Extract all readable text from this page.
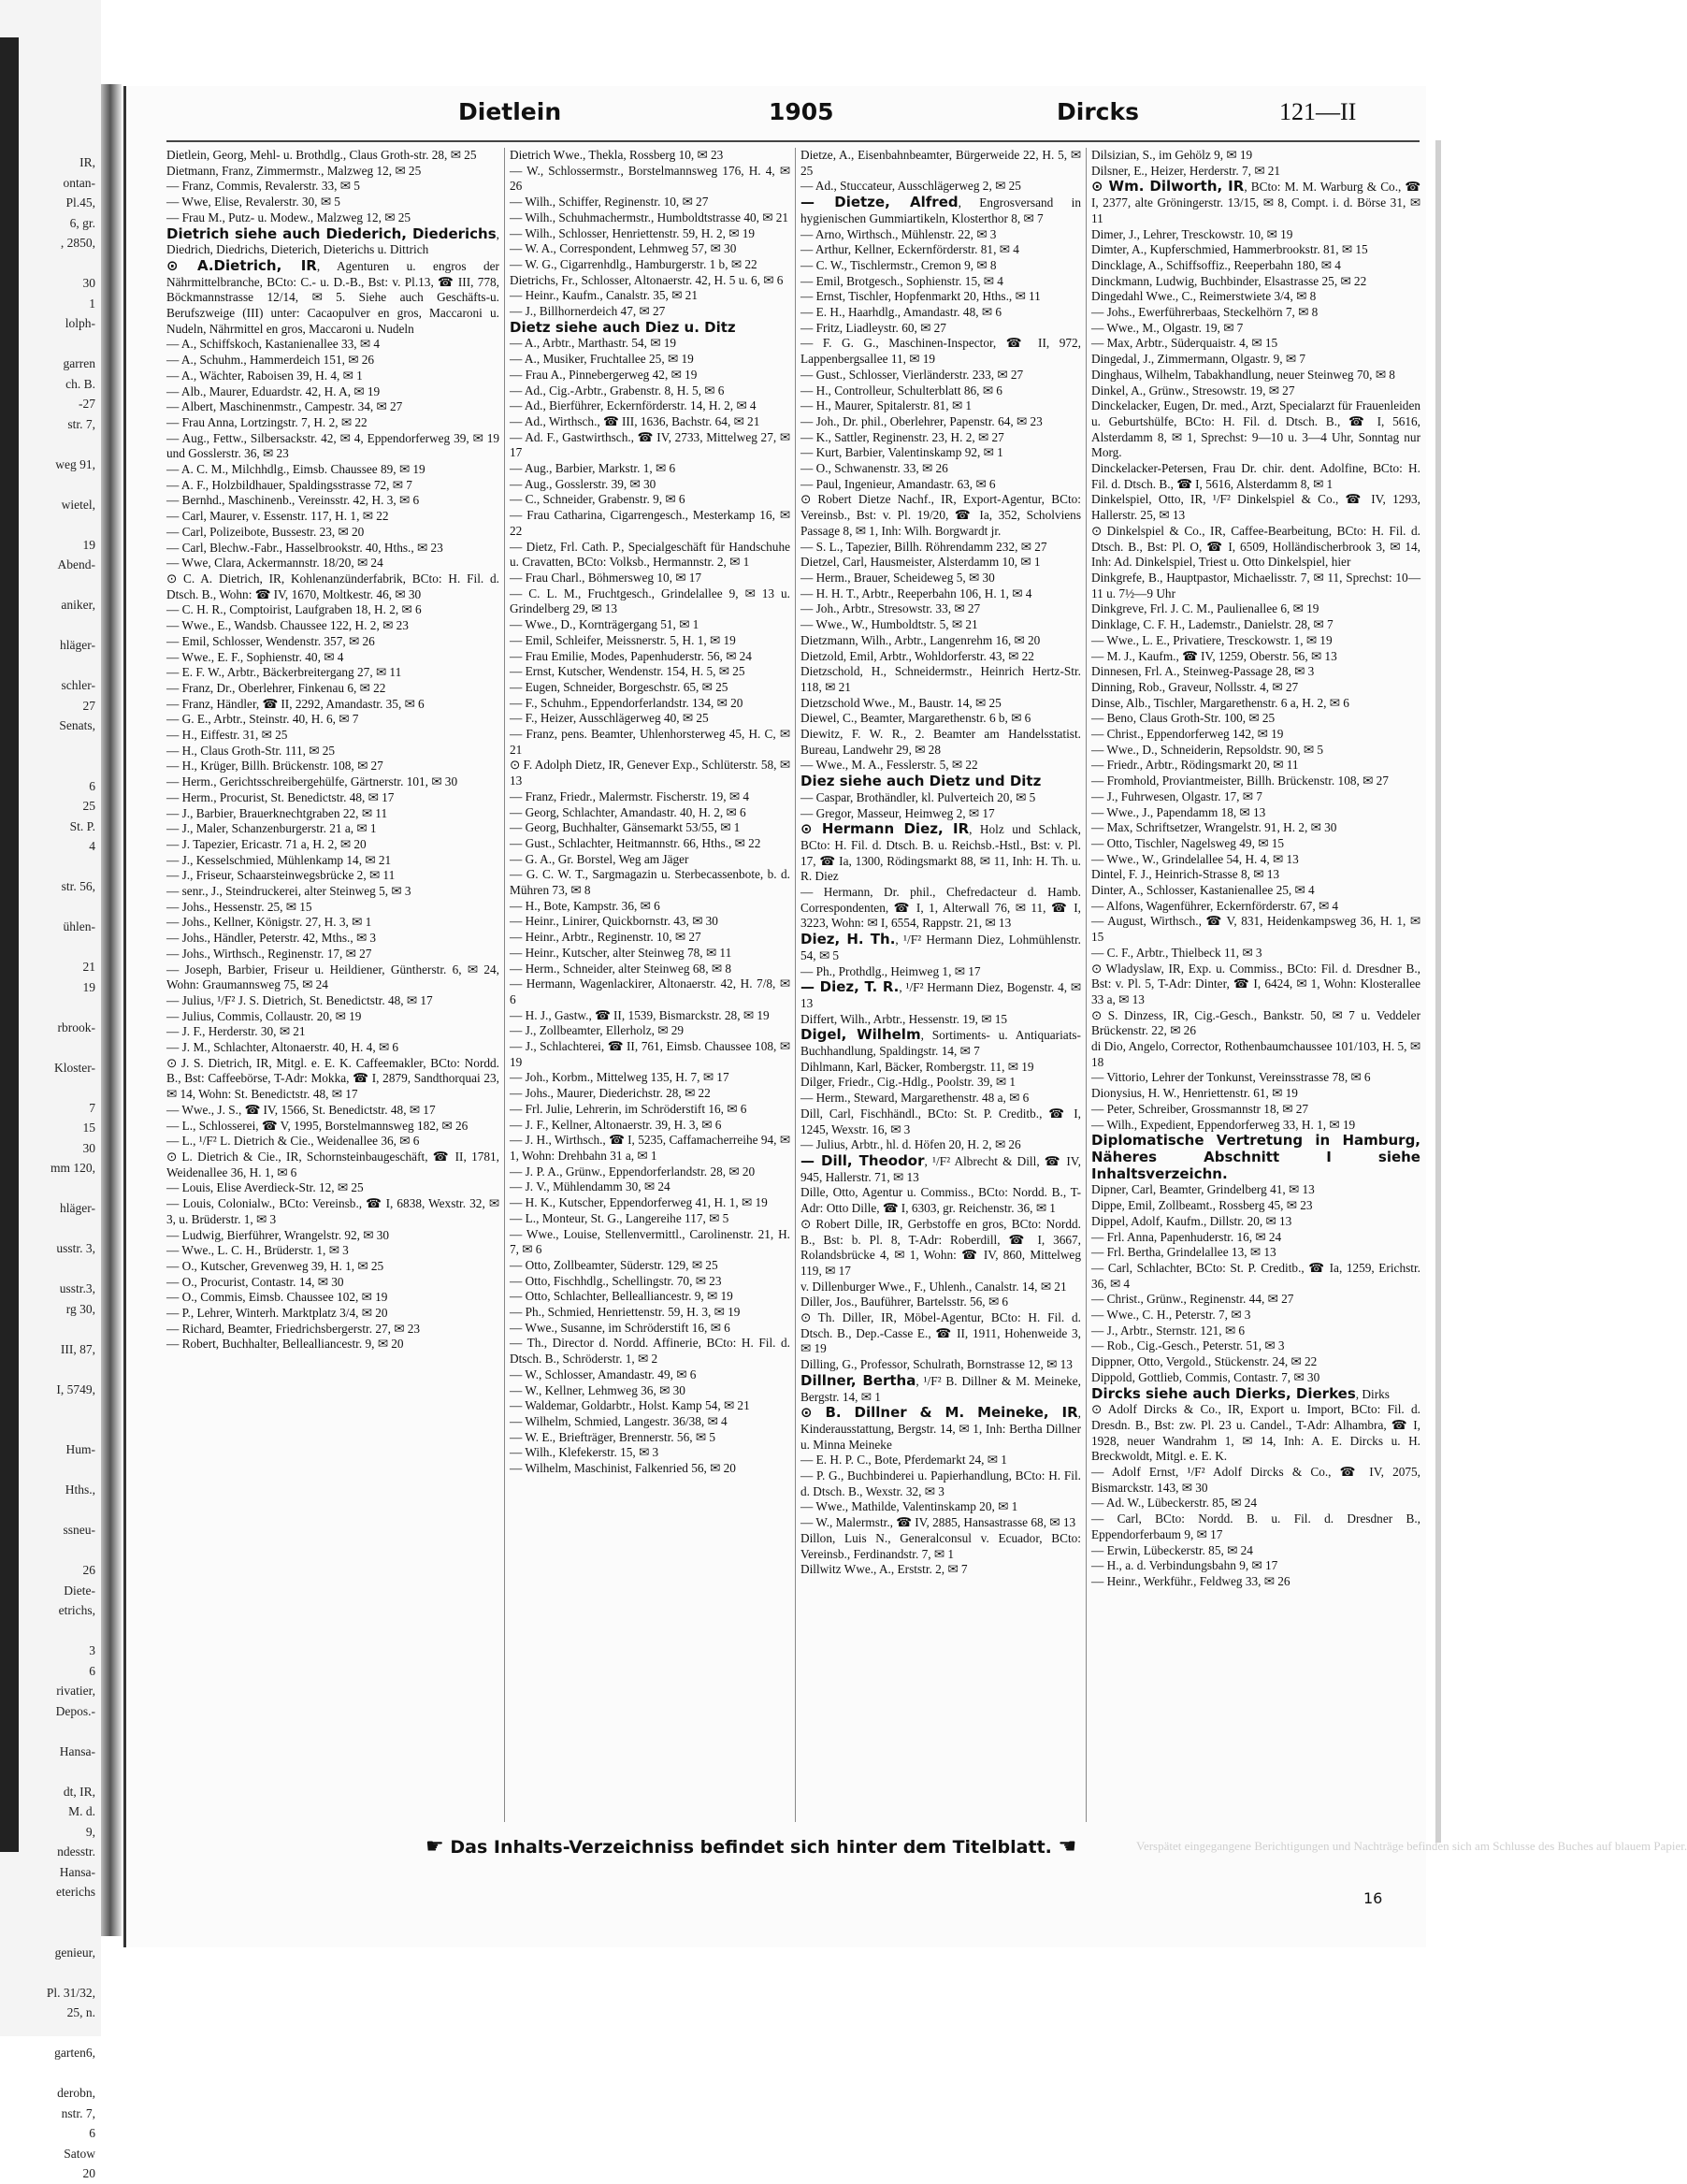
IR,
ontan-
Pl.45,
6, gr.
, 2850,

30
1
lolph-

garren
ch. B.
-27
str. 7,

weg 91,

wietel,

19
Abend-

aniker,

hläger-

schler-
27
Senats,

6
25
St. P.
4

str. 56,

ühlen-

21
19

rbrook-

Kloster-

7
15
30
mm 120,

hläger-

usstr. 3,

usstr.3,
rg 30,

III, 87,

I, 5749,

Hum-

Hths.,

ssneu-

26
Diete-
etrichs,

3
6
rivatier,
Depos.-

Hansa-

dt, IR,
M. d.
9,
ndesstr.
Hansa-
eterichs

genieur,

Pl. 31/32,
25, n.

garten6,

derobn,
nstr. 7,
6
Satow
20
Dietlein	1905	Dircks	121—II
Dietlein, Georg, Mehl- u. Brothdlg., Claus Groth-str. 28, ✉ 25
Dietmann, Franz, Zimmermstr., Malzweg 12, ✉ 25
— Franz, Commis, Revalerstr. 33, ✉ 5
— Wwe, Elise, Revalerstr. 30, ✉ 5
— Frau M., Putz- u. Modew., Malzweg 12, ✉ 25
Dietrich siehe auch Diederich, Diederichs, Diedrich, Diedrichs, Dieterich, Dieterichs u. Dittrich
⊙ A.Dietrich, IR, Agenturen u. engros der Nährmittelbranche, BCto: C.- u. D.-B., Bst: v. Pl.13, ☎ III, 778, Böckmannstrasse 12/14, ✉ 5. Siehe auch Geschäfts-u. Berufszweige (III) unter: Cacaopulver en gros, Maccaroni u. Nudeln, Nährmittel en gros, Maccaroni u. Nudeln
— A., Schiffskoch, Kastanienallee 33, ✉ 4
— A., Schuhm., Hammerdeich 151, ✉ 26
— A., Wächter, Raboisen 39, H. 4, ✉ 1
— Alb., Maurer, Eduardstr. 42, H. A, ✉ 19
— Albert, Maschinenmstr., Campestr. 34, ✉ 27
— Frau Anna, Lortzingstr. 7, H. 2, ✉ 22
— Aug., Fettw., Silbersackstr. 42, ✉ 4, Eppendorferweg 39, ✉ 19 und Gosslerstr. 36, ✉ 23
— A. C. M., Milchhdlg., Eimsb. Chaussee 89, ✉ 19
— A. F., Holzbildhauer, Spaldingsstrasse 72, ✉ 7
— Bernhd., Maschinenb., Vereinsstr. 42, H. 3, ✉ 6
— Carl, Maurer, v. Essenstr. 117, H. 1, ✉ 22
— Carl, Polizeibote, Bussestr. 23, ✉ 20
— Carl, Blechw.-Fabr., Hasselbrookstr. 40, Hths., ✉ 23
— Wwe, Clara, Ackermannstr. 18/20, ✉ 24
⊙ C. A. Dietrich, IR, Kohlenanzünderfabrik, BCto: H. Fil. d. Dtsch. B., Wohn: ☎ IV, 1670, Moltkestr. 46, ✉ 30
— C. H. R., Comptoirist, Laufgraben 18, H. 2, ✉ 6
— Wwe., E., Wandsb. Chaussee 122, H. 2, ✉ 23
— Emil, Schlosser, Wendenstr. 357, ✉ 26
— Wwe., E. F., Sophienstr. 40, ✉ 4
— E. F. W., Arbtr., Bäckerbreitergang 27, ✉ 11
— Franz, Dr., Oberlehrer, Finkenau 6, ✉ 22
— Franz, Händler, ☎ II, 2292, Amandastr. 35, ✉ 6
— G. E., Arbtr., Steinstr. 40, H. 6, ✉ 7
— H., Eiffestr. 31, ✉ 25
— H., Claus Groth-Str. 111, ✉ 25
— H., Krüger, Billh. Brückenstr. 108, ✉ 27
— Herm., Gerichtsschreibergehülfe, Gärtnerstr. 101, ✉ 30
— Herm., Procurist, St. Benedictstr. 48, ✉ 17
— J., Barbier, Brauerknechtgraben 22, ✉ 11
— J., Maler, Schanzenburgerstr. 21 a, ✉ 1
— J. Tapezier, Ericastr. 71 a, H. 2, ✉ 20
— J., Kesselschmied, Mühlenkamp 14, ✉ 21
— J., Friseur, Schaarsteinwegsbrücke 2, ✉ 11
— senr., J., Steindruckerei, alter Steinweg 5, ✉ 3
— Johs., Hessenstr. 25, ✉ 15
— Johs., Kellner, Königstr. 27, H. 3, ✉ 1
— Johs., Händler, Peterstr. 42, Mths., ✉ 3
— Johs., Wirthsch., Reginenstr. 17, ✉ 27
— Joseph, Barbier, Friseur u. Heildiener, Güntherstr. 6, ✉ 24, Wohn: Graumannsweg 75, ✉ 24
— Julius, ¹/F² J. S. Dietrich, St. Benedictstr. 48, ✉ 17
— Julius, Commis, Collaustr. 20, ✉ 19
— J. F., Herderstr. 30, ✉ 21
— J. M., Schlachter, Altonaerstr. 40, H. 4, ✉ 6
⊙ J. S. Dietrich, IR, Mitgl. e. E. K. Caffeemakler, BCto: Nordd. B., Bst: Caffeebörse, T-Adr: Mokka, ☎ I, 2879, Sandthorquai 23, ✉ 14, Wohn: St. Benedictstr. 48, ✉ 17
— Wwe., J. S., ☎ IV, 1566, St. Benedictstr. 48, ✉ 17
— L., Schlosserei, ☎ V, 1995, Borstelmannsweg 182, ✉ 26
— L., ¹/F² L. Dietrich & Cie., Weidenallee 36, ✉ 6
⊙ L. Dietrich & Cie., IR, Schornsteinbaugeschäft, ☎ II, 1781, Weidenallee 36, H. 1, ✉ 6
— Louis, Elise Averdieck-Str. 12, ✉ 25
— Louis, Colonialw., BCto: Vereinsb., ☎ I, 6838, Wexstr. 32, ✉ 3, u. Brüderstr. 1, ✉ 3
— Ludwig, Bierführer, Wrangelstr. 92, ✉ 30
— Wwe., L. C. H., Brüderstr. 1, ✉ 3
— O., Kutscher, Grevenweg 39, H. 1, ✉ 25
— O., Procurist, Contastr. 14, ✉ 30
— O., Commis, Eimsb. Chaussee 102, ✉ 19
— P., Lehrer, Winterh. Marktplatz 3/4, ✉ 20
— Richard, Beamter, Friedrichsbergerstr. 27, ✉ 23
— Robert, Buchhalter, Bellealliancestr. 9, ✉ 20
Dietrich Wwe., Thekla, Rossberg 10, ✉ 23
— W., Schlossermstr., Borstelmannsweg 176, H. 4, ✉ 26
— Wilh., Schiffer, Reginenstr. 10, ✉ 27
— Wilh., Schuhmachermstr., Humboldtstrasse 40, ✉ 21
— Wilh., Schlosser, Henriettenstr. 59, H. 2, ✉ 19
— W. A., Correspondent, Lehmweg 57, ✉ 30
— W. G., Cigarrenhdlg., Hamburgerstr. 1 b, ✉ 22
Dietrichs, Fr., Schlosser, Altonaerstr. 42, H. 5 u. 6, ✉ 6
— Heinr., Kaufm., Canalstr. 35, ✉ 21
— J., Billhornerdeich 47, ✉ 27
Dietz siehe auch Diez u. Ditz
— A., Arbtr., Marthastr. 54, ✉ 19
— A., Musiker, Fruchtallee 25, ✉ 19
— Frau A., Pinnebergerweg 42, ✉ 19
— Ad., Cig.-Arbtr., Grabenstr. 8, H. 5, ✉ 6
— Ad., Bierführer, Eckernförderstr. 14, H. 2, ✉ 4
— Ad., Wirthsch., ☎ III, 1636, Bachstr. 64, ✉ 21
— Ad. F., Gastwirthsch., ☎ IV, 2733, Mittelweg 27, ✉ 17
— Aug., Barbier, Markstr. 1, ✉ 6
— Aug., Gosslerstr. 39, ✉ 30
— C., Schneider, Grabenstr. 9, ✉ 6
— Frau Catharina, Cigarrengesch., Mesterkamp 16, ✉ 22
— Dietz, Frl. Cath. P., Specialgeschäft für Handschuhe u. Cravatten, BCto: Volksb., Hermannstr. 2, ✉ 1
— Frau Charl., Böhmersweg 10, ✉ 17
— C. L. M., Fruchtgesch., Grindelallee 9, ✉ 13 u. Grindelberg 29, ✉ 13
— Wwe., D., Kornträgergang 51, ✉ 1
— Emil, Schleifer, Meissnerstr. 5, H. 1, ✉ 19
— Frau Emilie, Modes, Papenhuderstr. 56, ✉ 24
— Ernst, Kutscher, Wendenstr. 154, H. 5, ✉ 25
— Eugen, Schneider, Borgeschstr. 65, ✉ 25
— F., Schuhm., Eppendorferlandstr. 134, ✉ 20
— F., Heizer, Ausschlägerweg 40, ✉ 25
— Franz, pens. Beamter, Uhlenhorsterweg 45, H. C, ✉ 21
⊙ F. Adolph Dietz, IR, Genever Exp., Schlüterstr. 58, ✉ 13
— Franz, Friedr., Malermstr. Fischerstr. 19, ✉ 4
— Georg, Schlachter, Amandastr. 40, H. 2, ✉ 6
— Georg, Buchhalter, Gänsemarkt 53/55, ✉ 1
— Gust., Schlachter, Heitmannstr. 66, Hths., ✉ 22
— G. A., Gr. Borstel, Weg am Jäger
— G. C. W. T., Sargmagazin u. Sterbecassenbote, b. d. Mühren 73, ✉ 8
— H., Bote, Kampstr. 36, ✉ 6
— Heinr., Linirer, Quickbornstr. 43, ✉ 30
— Heinr., Arbtr., Reginenstr. 10, ✉ 27
— Heinr., Kutscher, alter Steinweg 78, ✉ 11
— Herm., Schneider, alter Steinweg 68, ✉ 8
— Hermann, Wagenlackirer, Altonaerstr. 42, H. 7/8, ✉ 6
— H. J., Gastw., ☎ II, 1539, Bismarckstr. 28, ✉ 19
— J., Zollbeamter, Ellerholz, ✉ 29
— J., Schlachterei, ☎ II, 761, Eimsb. Chaussee 108, ✉ 19
— Joh., Korbm., Mittelweg 135, H. 7, ✉ 17
— Johs., Maurer, Diederichstr. 28, ✉ 22
— Frl. Julie, Lehrerin, im Schröderstift 16, ✉ 6
— J. F., Kellner, Altonaerstr. 39, H. 3, ✉ 6
— J. H., Wirthsch., ☎ I, 5235, Caffamacherreihe 94, ✉ 1, Wohn: Drehbahn 31 a, ✉ 1
— J. P. A., Grünw., Eppendorferlandstr. 28, ✉ 20
— J. V., Mühlendamm 30, ✉ 24
— H. K., Kutscher, Eppendorferweg 41, H. 1, ✉ 19
— L., Monteur, St. G., Langereihe 117, ✉ 5
— Wwe., Louise, Stellenvermittl., Carolinenstr. 21, H. 7, ✉ 6
— Otto, Zollbeamter, Süderstr. 129, ✉ 25
— Otto, Fischhdlg., Schellingstr. 70, ✉ 23
— Otto, Schlachter, Bellealliancestr. 9, ✉ 19
— Ph., Schmied, Henriettenstr. 59, H. 3, ✉ 19
— Wwe., Susanne, im Schröderstift 16, ✉ 6
— Th., Director d. Nordd. Affinerie, BCto: H. Fil. d. Dtsch. B., Schröderstr. 1, ✉ 2
— W., Schlosser, Amandastr. 49, ✉ 6
— W., Kellner, Lehmweg 36, ✉ 30
— Waldemar, Goldarbtr., Holst. Kamp 54, ✉ 21
— Wilhelm, Schmied, Langestr. 36/38, ✉ 4
— W. E., Briefträger, Brennerstr. 56, ✉ 5
— Wilh., Klefekerstr. 15, ✉ 3
— Wilhelm, Maschinist, Falkenried 56, ✉ 20
Dietze, A., Eisenbahnbeamter, Bürgerweide 22, H. 5, ✉ 25
— Ad., Stuccateur, Ausschlägerweg 2, ✉ 25
— Dietze, Alfred, Engrosversand in hygienischen Gummiartikeln, Klosterthor 8, ✉ 7
— Arno, Wirthsch., Mühlenstr. 22, ✉ 3
— Arthur, Kellner, Eckernförderstr. 81, ✉ 4
— C. W., Tischlermstr., Cremon 9, ✉ 8
— Emil, Brotgesch., Sophienstr. 15, ✉ 4
— Ernst, Tischler, Hopfenmarkt 20, Hths., ✉ 11
— E. H., Haarhdlg., Amandastr. 48, ✉ 6
— Fritz, Liadleystr. 60, ✉ 27
— F. G. G., Maschinen-Inspector, ☎ II, 972, Lappenbergsallee 11, ✉ 19
— Gust., Schlosser, Vierländerstr. 233, ✉ 27
— H., Controlleur, Schulterblatt 86, ✉ 6
— H., Maurer, Spitalerstr. 81, ✉ 1
— Joh., Dr. phil., Oberlehrer, Papenstr. 64, ✉ 23
— K., Sattler, Reginenstr. 23, H. 2, ✉ 27
— Kurt, Barbier, Valentinskamp 92, ✉ 1
— O., Schwanenstr. 33, ✉ 26
— Paul, Ingenieur, Amandastr. 63, ✉ 6
⊙ Robert Dietze Nachf., IR, Export-Agentur, BCto: Vereinsb., Bst: v. Pl. 19/20, ☎ Ia, 352, Scholviens Passage 8, ✉ 1, Inh: Wilh. Borgwardt jr.
— S. L., Tapezier, Billh. Röhrendamm 232, ✉ 27
Dietzel, Carl, Hausmeister, Alsterdamm 10, ✉ 1
— Herm., Brauer, Scheideweg 5, ✉ 30
— H. H. T., Arbtr., Reeperbahn 106, H. 1, ✉ 4
— Joh., Arbtr., Stresowstr. 33, ✉ 27
— Wwe., W., Humboldtstr. 5, ✉ 21
Dietzmann, Wilh., Arbtr., Langenrehm 16, ✉ 20
Dietzold, Emil, Arbtr., Wohldorferstr. 43, ✉ 22
Dietzschold, H., Schneidermstr., Heinrich Hertz-Str. 118, ✉ 21
Dietzschold Wwe., M., Baustr. 14, ✉ 25
Diewel, C., Beamter, Margarethenstr. 6 b, ✉ 6
Diewitz, F. W. R., 2. Beamter am Handelsstatist. Bureau, Landwehr 29, ✉ 28
— Wwe., M. A., Fesslerstr. 5, ✉ 22
Diez siehe auch Dietz und Ditz
— Caspar, Brothändler, kl. Pulverteich 20, ✉ 5
— Gregor, Masseur, Heimweg 2, ✉ 17
⊙ Hermann Diez, IR, Holz und Schlack, BCto: H. Fil. d. Dtsch. B. u. Reichsb.-Hstl., Bst: v. Pl. 17, ☎ Ia, 1300, Rödingsmarkt 88, ✉ 11, Inh: H. Th. u. R. Diez
— Hermann, Dr. phil., Chefredacteur d. Hamb. Correspondenten, ☎ I, 1, Alterwall 76, ✉ 11, ☎ I, 3223, Wohn: ✉ I, 6554, Rappstr. 21, ✉ 13
Diez, H. Th., ¹/F² Hermann Diez, Lohmühlenstr. 54, ✉ 5
— Ph., Prothdlg., Heimweg 1, ✉ 17
— Diez, T. R., ¹/F² Hermann Diez, Bogenstr. 4, ✉ 13
Differt, Wilh., Arbtr., Hessenstr. 19, ✉ 15
Digel, Wilhelm, Sortiments- u. Antiquariats-Buchhandlung, Spaldingstr. 14, ✉ 7
Dihlmann, Karl, Bäcker, Rombergstr. 11, ✉ 19
Dilger, Friedr., Cig.-Hdlg., Poolstr. 39, ✉ 1
— Herm., Steward, Margarethenstr. 48 a, ✉ 6
Dill, Carl, Fischhändl., BCto: St. P. Creditb., ☎ I, 1245, Wexstr. 16, ✉ 3
— Julius, Arbtr., hl. d. Höfen 20, H. 2, ✉ 26
— Dill, Theodor, ¹/F² Albrecht & Dill, ☎ IV, 945, Hallerstr. 71, ✉ 13
Dille, Otto, Agentur u. Commiss., BCto: Nordd. B., T-Adr: Otto Dille, ☎ I, 6303, gr. Reichenstr. 36, ✉ 1
⊙ Robert Dille, IR, Gerbstoffe en gros, BCto: Nordd. B., Bst: b. Pl. 8, T-Adr: Roberdill, ☎ I, 3667, Rolandsbrücke 4, ✉ 1, Wohn: ☎ IV, 860, Mittelweg 119, ✉ 17
v. Dillenburger Wwe., F., Uhlenh., Canalstr. 14, ✉ 21
Diller, Jos., Bauführer, Bartelsstr. 56, ✉ 6
⊙ Th. Diller, IR, Möbel-Agentur, BCto: H. Fil. d. Dtsch. B., Dep.-Casse E., ☎ II, 1911, Hohenweide 3, ✉ 19
Dilling, G., Professor, Schulrath, Bornstrasse 12, ✉ 13
Dillner, Bertha, ¹/F² B. Dillner & M. Meineke, Bergstr. 14, ✉ 1
⊙ B. Dillner & M. Meineke, IR, Kinderausstattung, Bergstr. 14, ✉ 1, Inh: Bertha Dillner u. Minna Meineke
— E. H. P. C., Bote, Pferdemarkt 24, ✉ 1
— P. G., Buchbinderei u. Papierhandlung, BCto: H. Fil. d. Dtsch. B., Wexstr. 32, ✉ 3
— Wwe., Mathilde, Valentinskamp 20, ✉ 1
— W., Malermstr., ☎ IV, 2885, Hansastrasse 68, ✉ 13
Dillon, Luis N., Generalconsul v. Ecuador, BCto: Vereinsb., Ferdinandstr. 7, ✉ 1
Dillwitz Wwe., A., Erststr. 2, ✉ 7
Dilsizian, S., im Gehölz 9, ✉ 19
Dilsner, E., Heizer, Herderstr. 7, ✉ 21
⊙ Wm. Dilworth, IR, BCto: M. M. Warburg & Co., ☎ I, 2377, alte Gröningerstr. 13/15, ✉ 8, Compt. i. d. Börse 31, ✉ 11
Dimer, J., Lehrer, Tresckowstr. 10, ✉ 19
Dimter, A., Kupferschmied, Hammerbrookstr. 81, ✉ 15
Dincklage, A., Schiffsoffiz., Reeperbahn 180, ✉ 4
Dinckmann, Ludwig, Buchbinder, Elsastrasse 25, ✉ 22
Dingedahl Wwe., C., Reimerstwiete 3/4, ✉ 8
— Johs., Ewerführerbaas, Steckelhörn 7, ✉ 8
— Wwe., M., Olgastr. 19, ✉ 7
— Max, Arbtr., Süderquaistr. 4, ✉ 15
Dingedal, J., Zimmermann, Olgastr. 9, ✉ 7
Dinghaus, Wilhelm, Tabakhandlung, neuer Steinweg 70, ✉ 8
Dinkel, A., Grünw., Stresowstr. 19, ✉ 27
Dinckelacker, Eugen, Dr. med., Arzt, Specialarzt für Frauenleiden u. Geburtshülfe, BCto: H. Fil. d. Dtsch. B., ☎ I, 5616, Alsterdamm 8, ✉ 1, Sprechst: 9—10 u. 3—4 Uhr, Sonntag nur Morg.
Dinckelacker-Petersen, Frau Dr. chir. dent. Adolfine, BCto: H. Fil. d. Dtsch. B., ☎ I, 5616, Alsterdamm 8, ✉ 1
Dinkelspiel, Otto, IR, ¹/F² Dinkelspiel & Co., ☎ IV, 1293, Hallerstr. 25, ✉ 13
⊙ Dinkelspiel & Co., IR, Caffee-Bearbeitung, BCto: H. Fil. d. Dtsch. B., Bst: Pl. O, ☎ I, 6509, Holländischerbrook 3, ✉ 14, Inh: Ad. Dinkelspiel, Triest u. Otto Dinkelspiel, hier
Dinkgrefe, B., Hauptpastor, Michaelisstr. 7, ✉ 11, Sprechst: 10—11 u. 7½—9 Uhr
Dinkgreve, Frl. J. C. M., Paulienallee 6, ✉ 19
Dinklage, C. F. H., Lademstr., Danielstr. 28, ✉ 7
— Wwe., L. E., Privatiere, Tresckowstr. 1, ✉ 19
— M. J., Kaufm., ☎ IV, 1259, Oberstr. 56, ✉ 13
Dinnesen, Frl. A., Steinweg-Passage 28, ✉ 3
Dinning, Rob., Graveur, Nollsstr. 4, ✉ 27
Dinse, Alb., Tischler, Margarethenstr. 6 a, H. 2, ✉ 6
— Beno, Claus Groth-Str. 100, ✉ 25
— Christ., Eppendorferweg 142, ✉ 19
— Wwe., D., Schneiderin, Repsoldstr. 90, ✉ 5
— Friedr., Arbtr., Rödingsmarkt 20, ✉ 11
— Fromhold, Proviantmeister, Billh. Brückenstr. 108, ✉ 27
— J., Fuhrwesen, Olgastr. 17, ✉ 7
— Wwe., J., Papendamm 18, ✉ 13
— Max, Schriftsetzer, Wrangelstr. 91, H. 2, ✉ 30
— Otto, Tischler, Nagelsweg 49, ✉ 15
— Wwe., W., Grindelallee 54, H. 4, ✉ 13
Dintel, F. J., Heinrich-Strasse 8, ✉ 13
Dinter, A., Schlosser, Kastanienallee 25, ✉ 4
— Alfons, Wagenführer, Eckernförderstr. 67, ✉ 4
— August, Wirthsch., ☎ V, 831, Heidenkampsweg 36, H. 1, ✉ 15
— C. F., Arbtr., Thielbeck 11, ✉ 3
⊙ Wladyslaw, IR, Exp. u. Commiss., BCto: Fil. d. Dresdner B., Bst: v. Pl. 5, T-Adr: Dinter, ☎ I, 6424, ✉ 1, Wohn: Klosterallee 33 a, ✉ 13
⊙ S. Dinzess, IR, Cig.-Gesch., Bankstr. 50, ✉ 7 u. Veddeler Brückenstr. 22, ✉ 26
di Dio, Angelo, Corrector, Rothenbaumchaussee 101/103, H. 5, ✉ 18
— Vittorio, Lehrer der Tonkunst, Vereinsstrasse 78, ✉ 6
Dionysius, H. W., Henriettenstr. 61, ✉ 19
— Peter, Schreiber, Grossmannstr 18, ✉ 27
— Wilh., Expedient, Eppendorferweg 33, H. 1, ✉ 19
Diplomatische Vertretung in Hamburg, Näheres Abschnitt I siehe Inhaltsverzeichn.
Dipner, Carl, Beamter, Grindelberg 41, ✉ 13
Dippe, Emil, Zollbeamt., Rossberg 45, ✉ 23
Dippel, Adolf, Kaufm., Dillstr. 20, ✉ 13
— Frl. Anna, Papenhuderstr. 16, ✉ 24
— Frl. Bertha, Grindelallee 13, ✉ 13
— Carl, Schlachter, BCto: St. P. Creditb., ☎ Ia, 1259, Erichstr. 36, ✉ 4
— Christ., Grünw., Reginenstr. 44, ✉ 27
— Wwe., C. H., Peterstr. 7, ✉ 3
— J., Arbtr., Sternstr. 121, ✉ 6
— Rob., Cig.-Gesch., Peterstr. 51, ✉ 3
Dippner, Otto, Vergold., Stückenstr. 24, ✉ 22
Dippold, Gottlieb, Commis, Contastr. 7, ✉ 30
Dircks siehe auch Dierks, Dierkes, Dirks
⊙ Adolf Dircks & Co., IR, Export u. Import, BCto: Fil. d. Dresdn. B., Bst: zw. Pl. 23 u. Candel., T-Adr: Alhambra, ☎ I, 1928, neuer Wandrahm 1, ✉ 14, Inh: A. E. Dircks u. H. Breckwoldt, Mitgl. e. E. K.
— Adolf Ernst, ¹/F² Adolf Dircks & Co., ☎ IV, 2075, Bismarckstr. 143, ✉ 30
— Ad. W., Lübeckerstr. 85, ✉ 24
— Carl, BCto: Nordd. B. u. Fil. d. Dresdner B., Eppendorferbaum 9, ✉ 17
— Erwin, Lübeckerstr. 85, ✉ 24
— H., a. d. Verbindungsbahn 9, ✉ 17
— Heinr., Werkführ., Feldweg 33, ✉ 26
Verspätet eingegangene Berichtigungen und Nachträge befinden sich am Schlusse des Buches auf blauem Papier.
☛ Das Inhalts-Verzeichniss befindet sich hinter dem Titelblatt. ☚
16
